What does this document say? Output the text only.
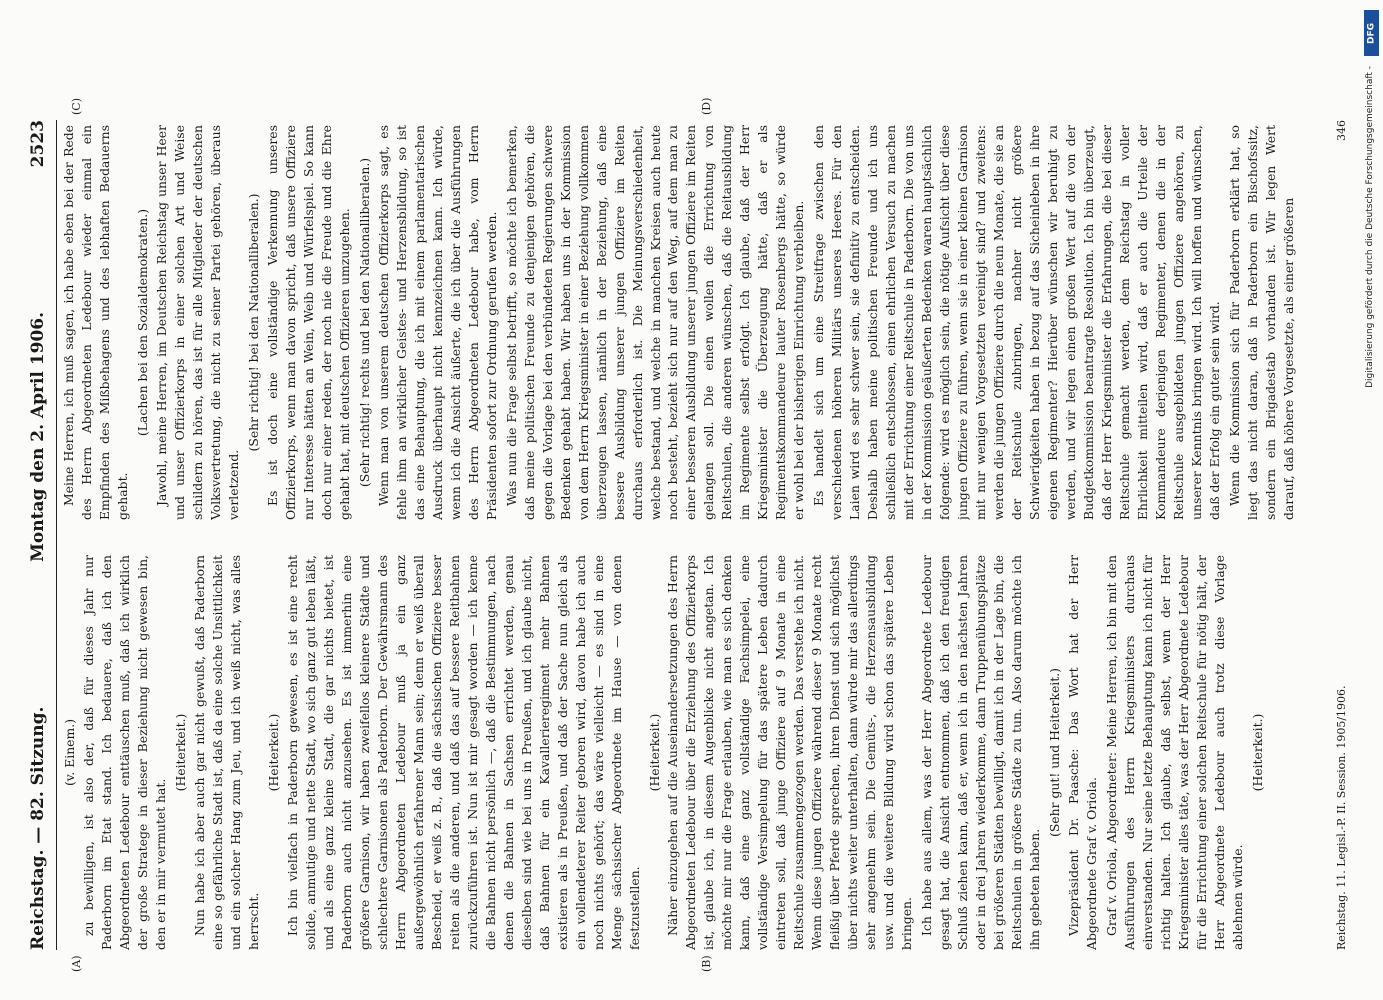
Reichstag. — 82. Sitzung.
Montag den 2. April 1906.
2523

(v. Einem.) zu bewilligen, ist also der, daß für dieses Jahr nur Paderborn im Etat stand. Ich bedauere, daß ich den Abgeordneten Ledebour enttäuschen muß, daß ich wirklich der große Stratege in dieser Beziehung nicht gewesen bin, den er in mir vermutet hat.

(Heiterkeit.) Nun habe ich aber auch gar nicht gewußt, daß Paderborn eine so gefährliche Stadt ist, daß da eine solche Unsittlichkeit und ein solcher Hang zum Jeu, und ich weiß nicht, was alles herrscht.

(Heiterkeit.) Ich bin vielfach in Paderborn gewesen, es ist eine recht solide, anmutige und nette Stadt, wo sich ganz gut leben läßt, und als eine ganz kleine Stadt, die gar nichts bietet, ist Paderborn auch nicht anzusehen. Es ist immerhin eine größere Garnison, wir haben zweifellos kleinere Städte und schlechtere Garnisonen als Paderborn. Der Gewährsmann des Herrn Abgeordneten Ledebour muß ja ein ganz außergewöhnlich erfahrener Mann sein; denn er weiß überall Bescheid, er weiß z. B., daß die sächsischen Offiziere besser reiten als die anderen, und daß das auf bessere Reitbahnen zurückzuführen ist. Nun ist mir gesagt worden — ich kenne die Bahnen nicht persönlich —, daß die Bestimmungen, nach denen die Bahnen in Sachsen errichtet werden, genau dieselben sind wie bei uns in Preußen, und ich glaube nicht, daß Bahnen für ein Kavallerieregiment mehr Bahnen existieren als in Preußen, und daß der Sache nun gleich als ein vollendeterer Reiter geboren wird, davon habe ich auch noch nichts gehört; das wäre vielleicht — es sind in eine Menge sächsischer Abgeordnete im Hause — von denen festzustellen.

(Heiterkeit.) Näher einzugehen auf die Auseinandersetzungen des Herrn Abgeordneten Ledebour über die Erziehung des Offizierkorps ist, glaube ich, in diesem Augenblicke nicht angetan. Ich möchte mir nur die Frage erlauben, wie man es sich denken kann, daß eine ganz vollständige Fachsimpelei, eine vollständige Versimpelung für das spätere Leben dadurch eintreten soll, daß junge Offiziere auf 9 Monate in eine Reitschule zusammengezogen werden. Das verstehe ich nicht. Wenn diese jungen Offiziere während dieser 9 Monate recht fleißig über Pferde sprechen, ihren Dienst und sich möglichst über nichts weiter unterhalten, dann würde mir das allerdings sehr angenehm sein. Die Gemüts-, die Herzensausbildung usw. und die weitere Bildung wird schon das spätere Leben bringen. Ich habe aus allem, was der Herr Abgeordnete Ledebour gesagt hat, die Ansicht entnommen, daß ich den freudigen Schluß ziehen kann, daß er, wenn ich in den nächsten Jahren oder in drei Jahren wiederkomme, dann Truppenübungsplätze bei größeren Städten bewilligt, damit ich in der Lage bin, die Reitschulen in größere Städte zu tun. Also darum möchte ich ihn gebeten haben.

(Sehr gut! und Heiterkeit.) Vizepräsident Dr. Paasche: Das Wort hat der Herr Abgeordnete Graf v. Oriola. Graf v. Oriola, Abgeordneter: Meine Herren, ich bin mit den Ausführungen des Herrn Kriegsministers durchaus einverstanden. Nur seine letzte Behauptung kann ich nicht für richtig halten. Ich glaube, daß selbst, wenn der Herr Kriegsminister alles täte, was der Herr Abgeordnete Ledebour für die Errichtung einer solchen Reitschule für nötig hält, der Herr Abgeordnete Ledebour auch trotz diese Vorlage ablehnen würde.

(Heiterkeit.)

Meine Herren, ich muß sagen, ich habe eben bei der Rede des Herrn Abgeordneten Ledebour wieder einmal ein Empfinden des Mißbehagens und des lebhaften Bedauerns gehabt.

(Lachen bei den Sozialdemokraten.) Jawohl, meine Herren, im Deutschen Reichstag unser Heer und unser Offizierkorps in einer solchen Art und Weise schildern zu hören, das ist für alle Mitglieder der deutschen Volksvertretung, die nicht zu seiner Partei gehören, überaus verletzend.

(Sehr richtig! bei den Nationalliberalen.) Es ist doch eine vollständige Verkennung unseres Offizierkorps, wenn man davon spricht, daß unsere Offiziere nur Interesse hätten an Wein, Weib und Würfelspiel. So kann doch nur einer reden, der noch nie die Freude und die Ehre gehabt hat, mit deutschen Offizieren umzugehen. (Sehr richtig! rechts und bei den Nationalliberalen.) Wenn man von unserem deutschen Offizierkorps sagt, es fehle ihm an wirklicher Geistes- und Herzensbildung, so ist das eine Behauptung, die ich mit einem parlamentarischen Ausdruck überhaupt nicht kennzeichnen kann. Ich würde, wenn ich die Ansicht äußerte, die ich über die Ausführungen des Herrn Abgeordneten Ledebour habe, vom Herrn Präsidenten sofort zur Ordnung gerufen werden. Was nun die Frage selbst betrifft, so möchte ich bemerken, daß meine politischen Freunde zu denjenigen gehören, die gegen die Vorlage bei den verbündeten Regierungen schwere Bedenken gehabt haben. Wir haben uns in der Kommission von dem Herrn Kriegsminister in einer Beziehung vollkommen überzeugen lassen, nämlich in der Beziehung, daß eine bessere Ausbildung unserer jungen Offiziere im Reiten durchaus erforderlich ist. Die Meinungsverschiedenheit, welche bestand, und welche in manchen Kreisen auch heute noch besteht, bezieht sich nur auf den Weg, auf dem man zu einer besseren Ausbildung unserer jungen Offiziere im Reiten gelangen soll. Die einen wollen die Errichtung von Reitschulen, die anderen wünschen, daß die Reitausbildung im Regimente selbst erfolgt. Ich glaube, daß der Herr Kriegsminister die Überzeugung hätte, daß er als Regimentskommandeure lauter Rosenbergs hätte, so würde er wohl bei der bisherigen Einrichtung verbleiben. Es handelt sich um eine Streitfrage zwischen den verschiedenen höheren Militärs unseres Heeres. Für den Laien wird es sehr schwer sein, sie definitiv zu entscheiden. Deshalb haben meine politischen Freunde und ich uns schließlich entschlossen, einen ehrlichen Versuch zu machen mit der Errichtung einer Reitschule in Paderborn. Die von uns in der Kommission geäußerten Bedenken waren hauptsächlich folgende: wird es möglich sein, die nötige Aufsicht über diese jungen Offiziere zu führen, wenn sie in einer kleinen Garnison mit nur wenigen Vorgesetzten vereinigt sind? und zweitens: werden die jungen Offiziere durch die neun Monate, die sie an der Reitschule zubringen, nachher nicht größere Schwierigkeiten haben in bezug auf das Sicheinleben in ihre eigenen Regimenter? Hierüber wünschen wir beruhigt zu werden, und wir legen einen großen Wert auf die von der Budgetkommission beantragte Resolution. Ich bin überzeugt, daß der Herr Kriegsminister die Erfahrungen, die bei dieser Reitschule gemacht werden, dem Reichstag in voller Ehrlichkeit mitteilen wird, daß er auch die Urteile der Kommandeure derjenigen Regimenter, denen die in der Reitschule ausgebildeten jungen Offiziere angehören, zu unserer Kenntnis bringen wird. Ich will hoffen und wünschen, daß der Erfolg ein guter sein wird. Wenn die Kommission sich für Paderborn erklärt hat, so liegt das nicht daran, daß in Paderborn ein Bischofssitz, sondern ein Brigadestab vorhanden ist. Wir legen Wert darauf, daß höhere Vorgesetzte, als einer größeren

(A)	(B)
(C)	(D)
Reichstag. 11. Legisl.-P. II. Session. 1905/1906.
346
DFG
Digitalisierung gefördert durch die Deutsche Forschungsgemeinschaft -
